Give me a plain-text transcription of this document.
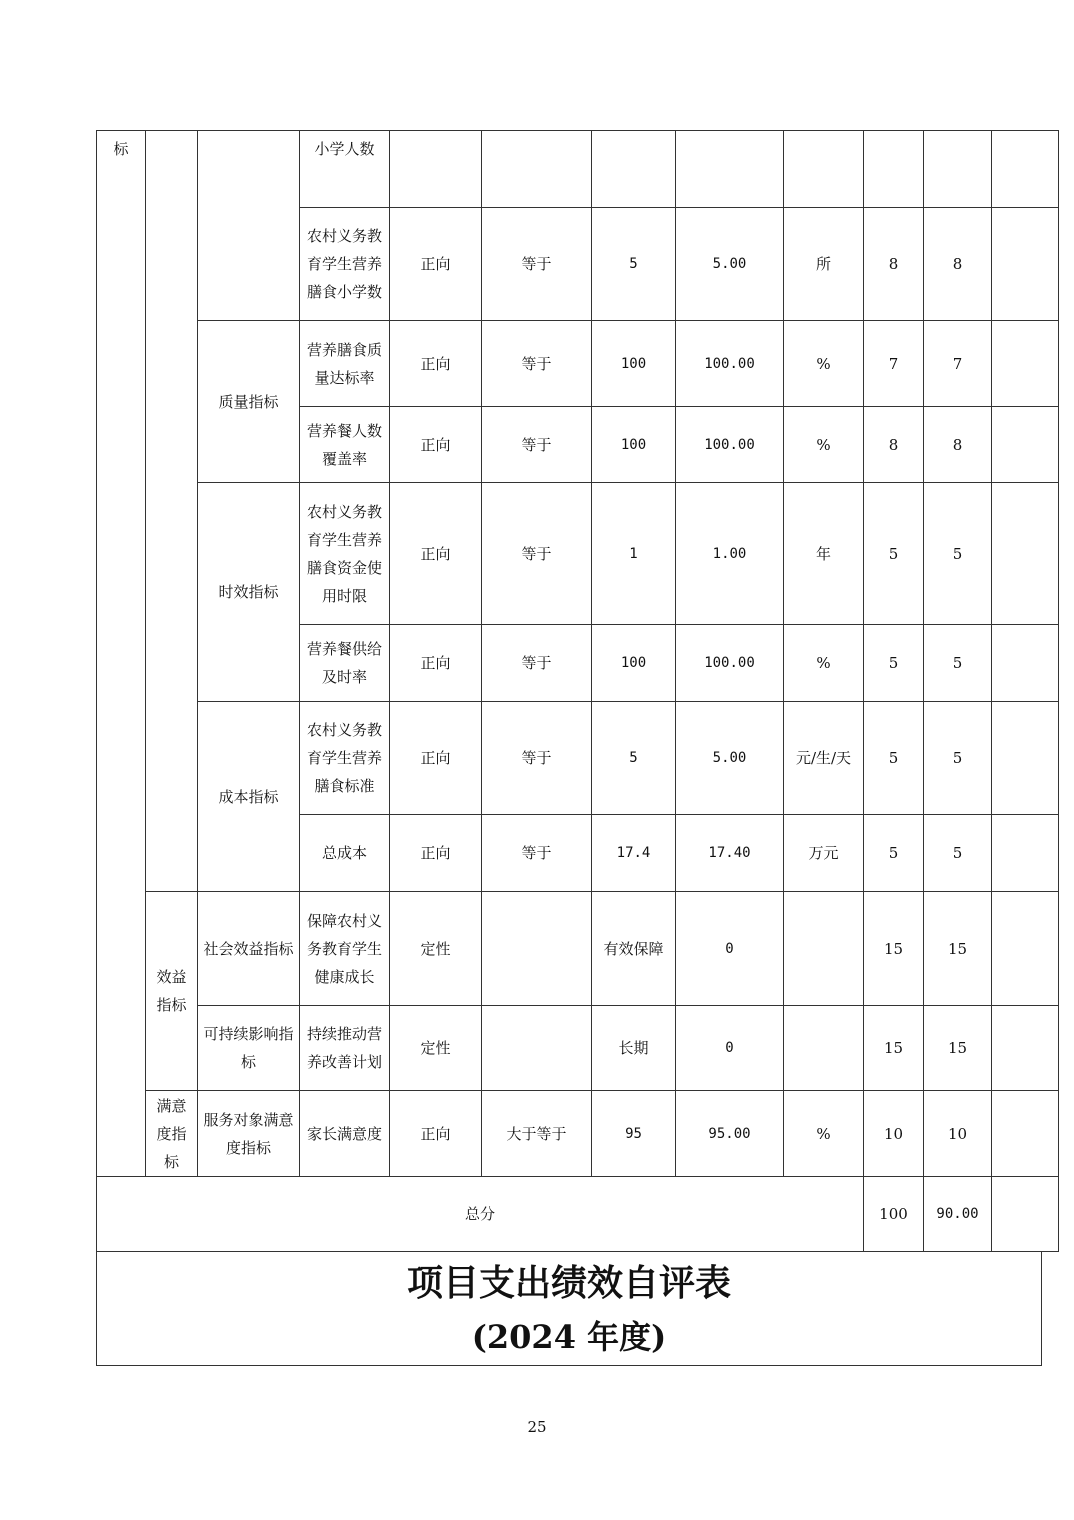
标			小学人数								
			农村义务教育学生营养膳食小学数	正向	等于	5	5.00	所	8	8	
		质量指标	营养膳食质量达标率	正向	等于	100	100.00	%	7	7	
			营养餐人数覆盖率	正向	等于	100	100.00	%	8	8	
		时效指标	农村义务教育学生营养膳食资金使用时限	正向	等于	1	1.00	年	5	5	
			营养餐供给及时率	正向	等于	100	100.00	%	5	5	
		成本指标	农村义务教育学生营养膳食标准	正向	等于	5	5.00	元/生/天	5	5	
			总成本	正向	等于	17.4	17.40	万元	5	5	
	效益指标	社会效益指标	保障农村义务教育学生健康成长	定性		有效保障	0		15	15	
		可持续影响指标	持续推动营养改善计划	定性		长期	0		15	15	
	满意度指标	服务对象满意度指标	家长满意度	正向	大于等于	95	95.00	%	10	10	
总分									100	90.00	
项目支出绩效自评表
(2024 年度)
25
